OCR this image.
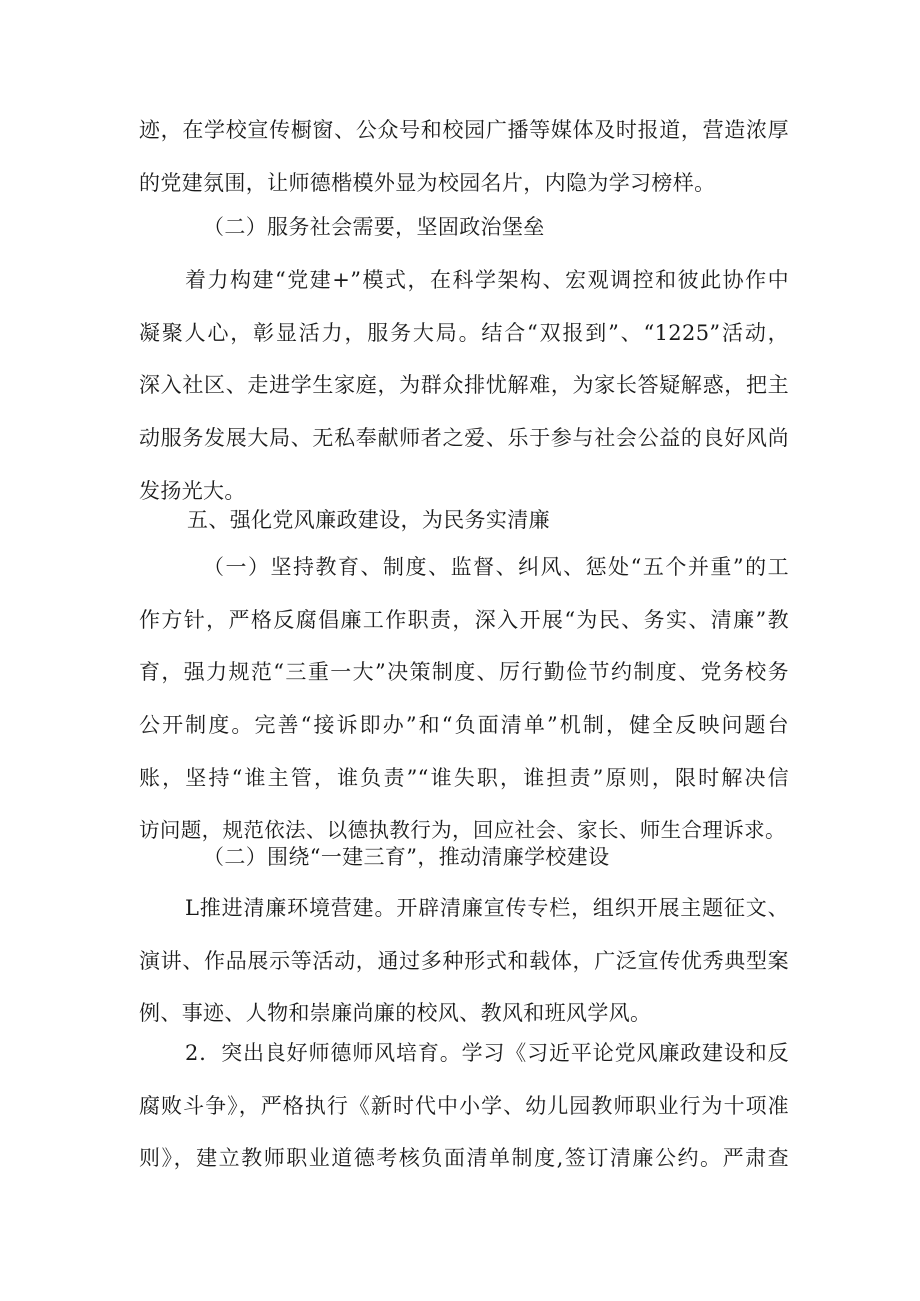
迹，在学校宣传橱窗、公众号和校园广播等媒体及时报道，营造浓厚
的党建氛围，让师德楷模外显为校园名片，内隐为学习榜样。
（二）服务社会需要，坚固政治堡垒
着力构建“党建+”模式，在科学架构、宏观调控和彼此协作中
凝聚人心，彰显活力，服务大局。结合“双报到”、“1225”活动，
深入社区、走进学生家庭，为群众排忧解难，为家长答疑解惑，把主
动服务发展大局、无私奉献师者之爱、乐于参与社会公益的良好风尚
发扬光大。
五、强化党风廉政建设，为民务实清廉
（一）坚持教育、制度、监督、纠风、惩处“五个并重”的工
作方针，严格反腐倡廉工作职责，深入开展“为民、务实、清廉”教
育，强力规范“三重一大”决策制度、厉行勤俭节约制度、党务校务
公开制度。完善“接诉即办”和“负面清单”机制，健全反映问题台
账，坚持“谁主管，谁负责”“谁失职，谁担责”原则，限时解决信
访问题，规范依法、以德执教行为，回应社会、家长、师生合理诉求。
（二）围绕“一建三育”，推动清廉学校建设
L推进清廉环境营建。开辟清廉宣传专栏，组织开展主题征文、
演讲、作品展示等活动，通过多种形式和载体，广泛宣传优秀典型案
例、事迹、人物和崇廉尚廉的校风、教风和班风学风。
2．突出良好师德师风培育。学习《习近平论党风廉政建设和反
腐败斗争》，严格执行《新时代中小学、幼儿园教师职业行为十项准
则》，建立教师职业道德考核负面清单制度,签订清廉公约。严肃查
